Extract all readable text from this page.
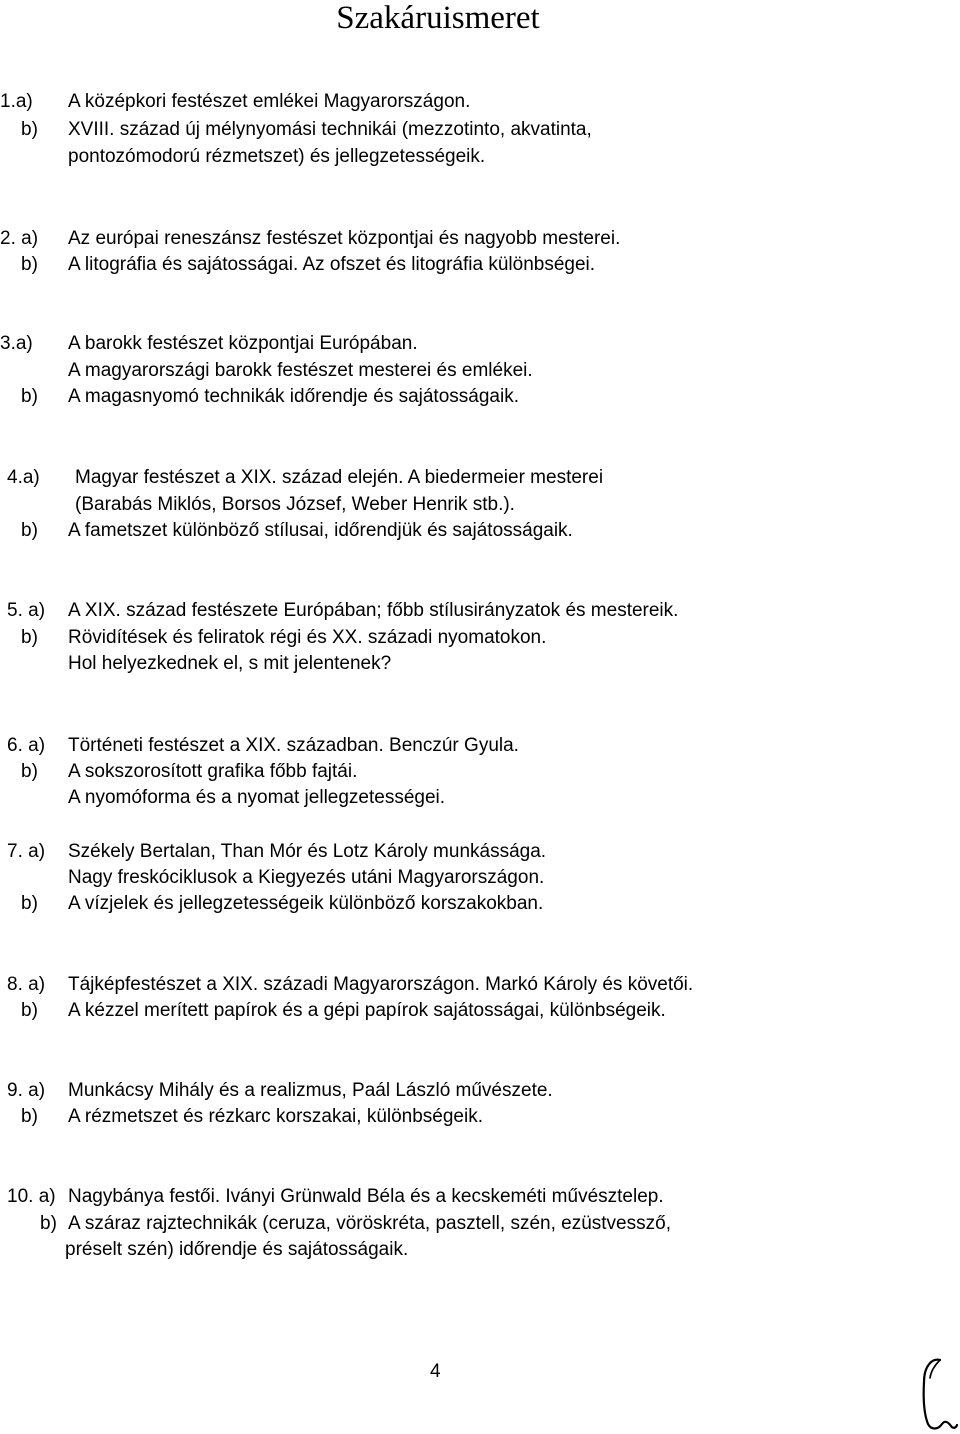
Szakáruismeret
1.a) A középkori festészet emlékei Magyarországon.
b) XVIII. század új mélynyomási technikái (mezzotinto, akvatinta,
pontozómodorú rézmetszet) és jellegzetességeik.
2. a) Az európai reneszánsz festészet központjai és nagyobb mesterei.
b) A litográfia és sajátosságai. Az ofszet és litográfia különbségei.
3.a) A barokk festészet központjai Európában.
A magyarországi barokk festészet mesterei és emlékei.
b) A magasnyomó technikák időrendje és sajátosságaik.
4.a) Magyar festészet a XIX. század elején. A biedermeier mesterei
(Barabás Miklós, Borsos József, Weber Henrik stb.).
b) A fametszet különböző stílusai, időrendjük és sajátosságaik.
5. a) A XIX. század festészete Európában; főbb stílusirányzatok és mestereik.
b) Rövidítések és feliratok régi és XX. századi nyomatokon.
Hol helyezkednek el, s mit jelentenek?
6. a) Történeti festészet a XIX. században. Benczúr Gyula.
b) A sokszorosított grafika főbb fajtái.
A nyomóforma és a nyomat jellegzetességei.
7. a) Székely Bertalan, Than Mór és Lotz Károly munkássága.
Nagy freskóciklusok a Kiegyezés utáni Magyarországon.
b) A vízjelek és jellegzetességeik különböző korszakokban.
8. a) Tájképfestészet a XIX. századi Magyarországon. Markó Károly és követői.
b) A kézzel merített papírok és a gépi papírok sajátosságai, különbségeik.
9. a) Munkácsy Mihály és a realizmus, Paál László művészete.
b) A rézmetszet és rézkarc korszakai, különbségeik.
10. a) Nagybánya festői. Iványi Grünwald Béla és a kecskeméti művésztelep.
b) A száraz rajztechnikák (ceruza, vöröskréta, pasztell, szén, ezüstvessző,
préselt szén) időrendje és sajátosságaik.
4
